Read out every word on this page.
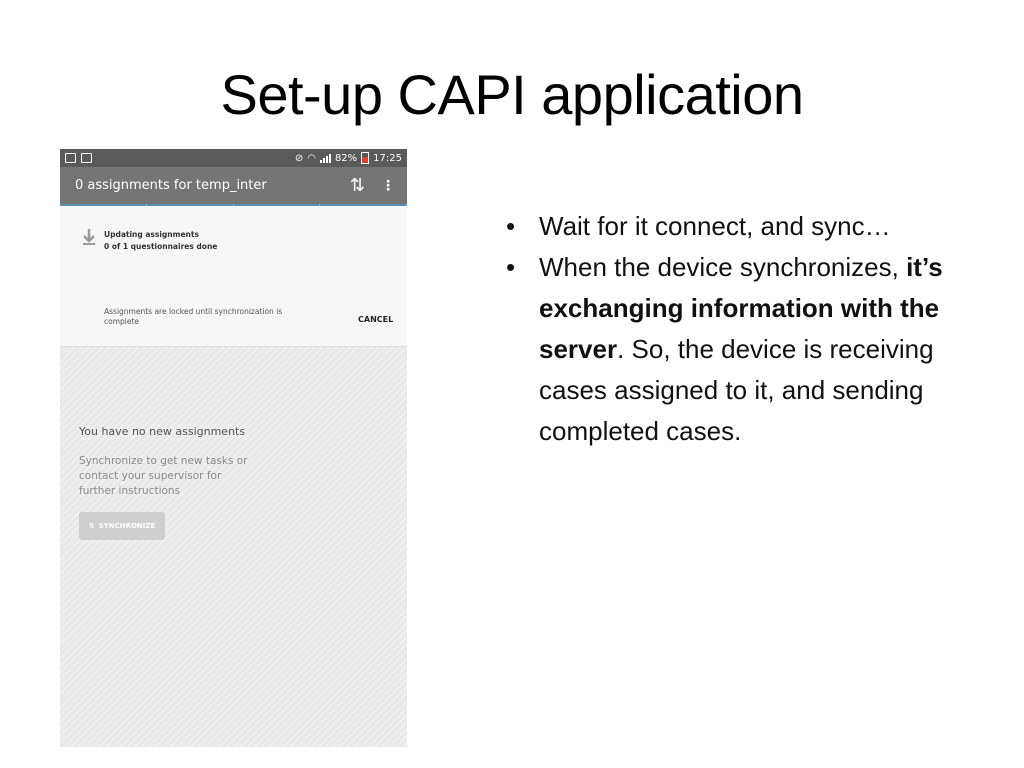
Set-up CAPI application
⊘ ◠ 82% 17:25
0 assignments for temp_inter	⇅ ⋮
Updating assignments
0 of 1 questionnaires done
Assignments are locked until synchronization is complete	CANCEL
You have no new assignments
Synchronize to get new tasks or contact your supervisor for further instructions
⇅ SYNCHRONIZE
• Wait for it connect, and sync…
• When the device synchronizes, it’s exchanging information with the server. So, the device is receiving cases assigned to it, and sending completed cases.
